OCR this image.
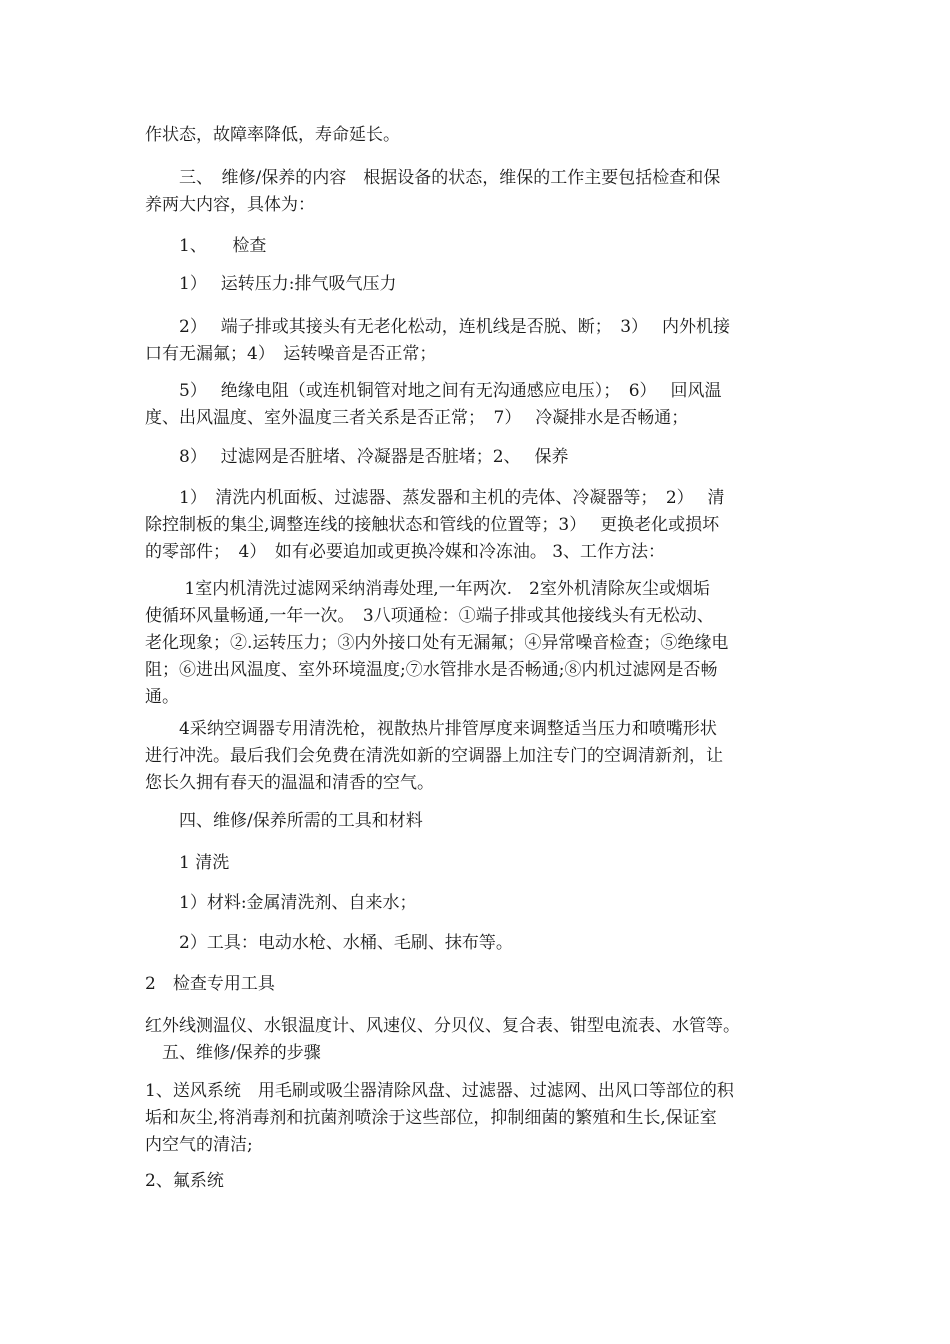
作状态，故障率降低，寿命延长。

　　三、　维修/保养的内容　根据设备的状态，维保的工作主要包括检查和保
养两大内容，具体为：

　　1、　　检查

　　1）　 运转压力:排气吸气压力

　　2）　 端子排或其接头有无老化松动，连机线是否脱、断；　3）　 内外机接
口有无漏氟；4）　运转噪音是否正常；

　　5）　 绝缘电阻（或连机铜管对地之间有无沟通感应电压）；　6）　 回风温
度、出风温度、室外温度三者关系是否正常；　7）　 冷凝排水是否畅通；

　　8）　 过滤网是否脏堵、冷凝器是否脏堵；2、　 保养

　　1）　清洗内机面板、过滤器、蒸发器和主机的壳体、冷凝器等；　2）　 清
除控制板的集尘,调整连线的接触状态和管线的位置等；3）　 更换老化或损坏
的零部件；　4）　如有必要追加或更换冷媒和冷冻油。 3、工作方法：

　　 1室内机清洗过滤网采纳消毒处理,一年两次.　2室外机清除灰尘或烟垢
使循环风量畅通,一年一次。　3八项通检：①端子排或其他接线头有无松动、
老化现象；②.运转压力；③内外接口处有无漏氟；④异常噪音检查；⑤绝缘电
阻；⑥进出风温度、室外环境温度;⑦水管排水是否畅通;⑧内机过滤网是否畅
通。

　　4采纳空调器专用清洗枪，视散热片排管厚度来调整适当压力和喷嘴形状
进行冲洗。最后我们会免费在清洗如新的空调器上加注专门的空调清新剂，让
您长久拥有春天的温温和清香的空气。

　　四、维修/保养所需的工具和材料

　　1 清洗

　　1）材料:金属清洗剂、自来水；

　　2）工具：电动水枪、水桶、毛刷、抹布等。

2　检查专用工具

红外线测温仪、水银温度计、风速仪、分贝仪、复合表、钳型电流表、水管等。
　五、维修/保养的步骤

1、送风系统　用毛刷或吸尘器清除风盘、过滤器、过滤网、出风口等部位的积
垢和灰尘,将消毒剂和抗菌剂喷涂于这些部位，抑制细菌的繁殖和生长,保证室
内空气的清洁;

2、氟系统
